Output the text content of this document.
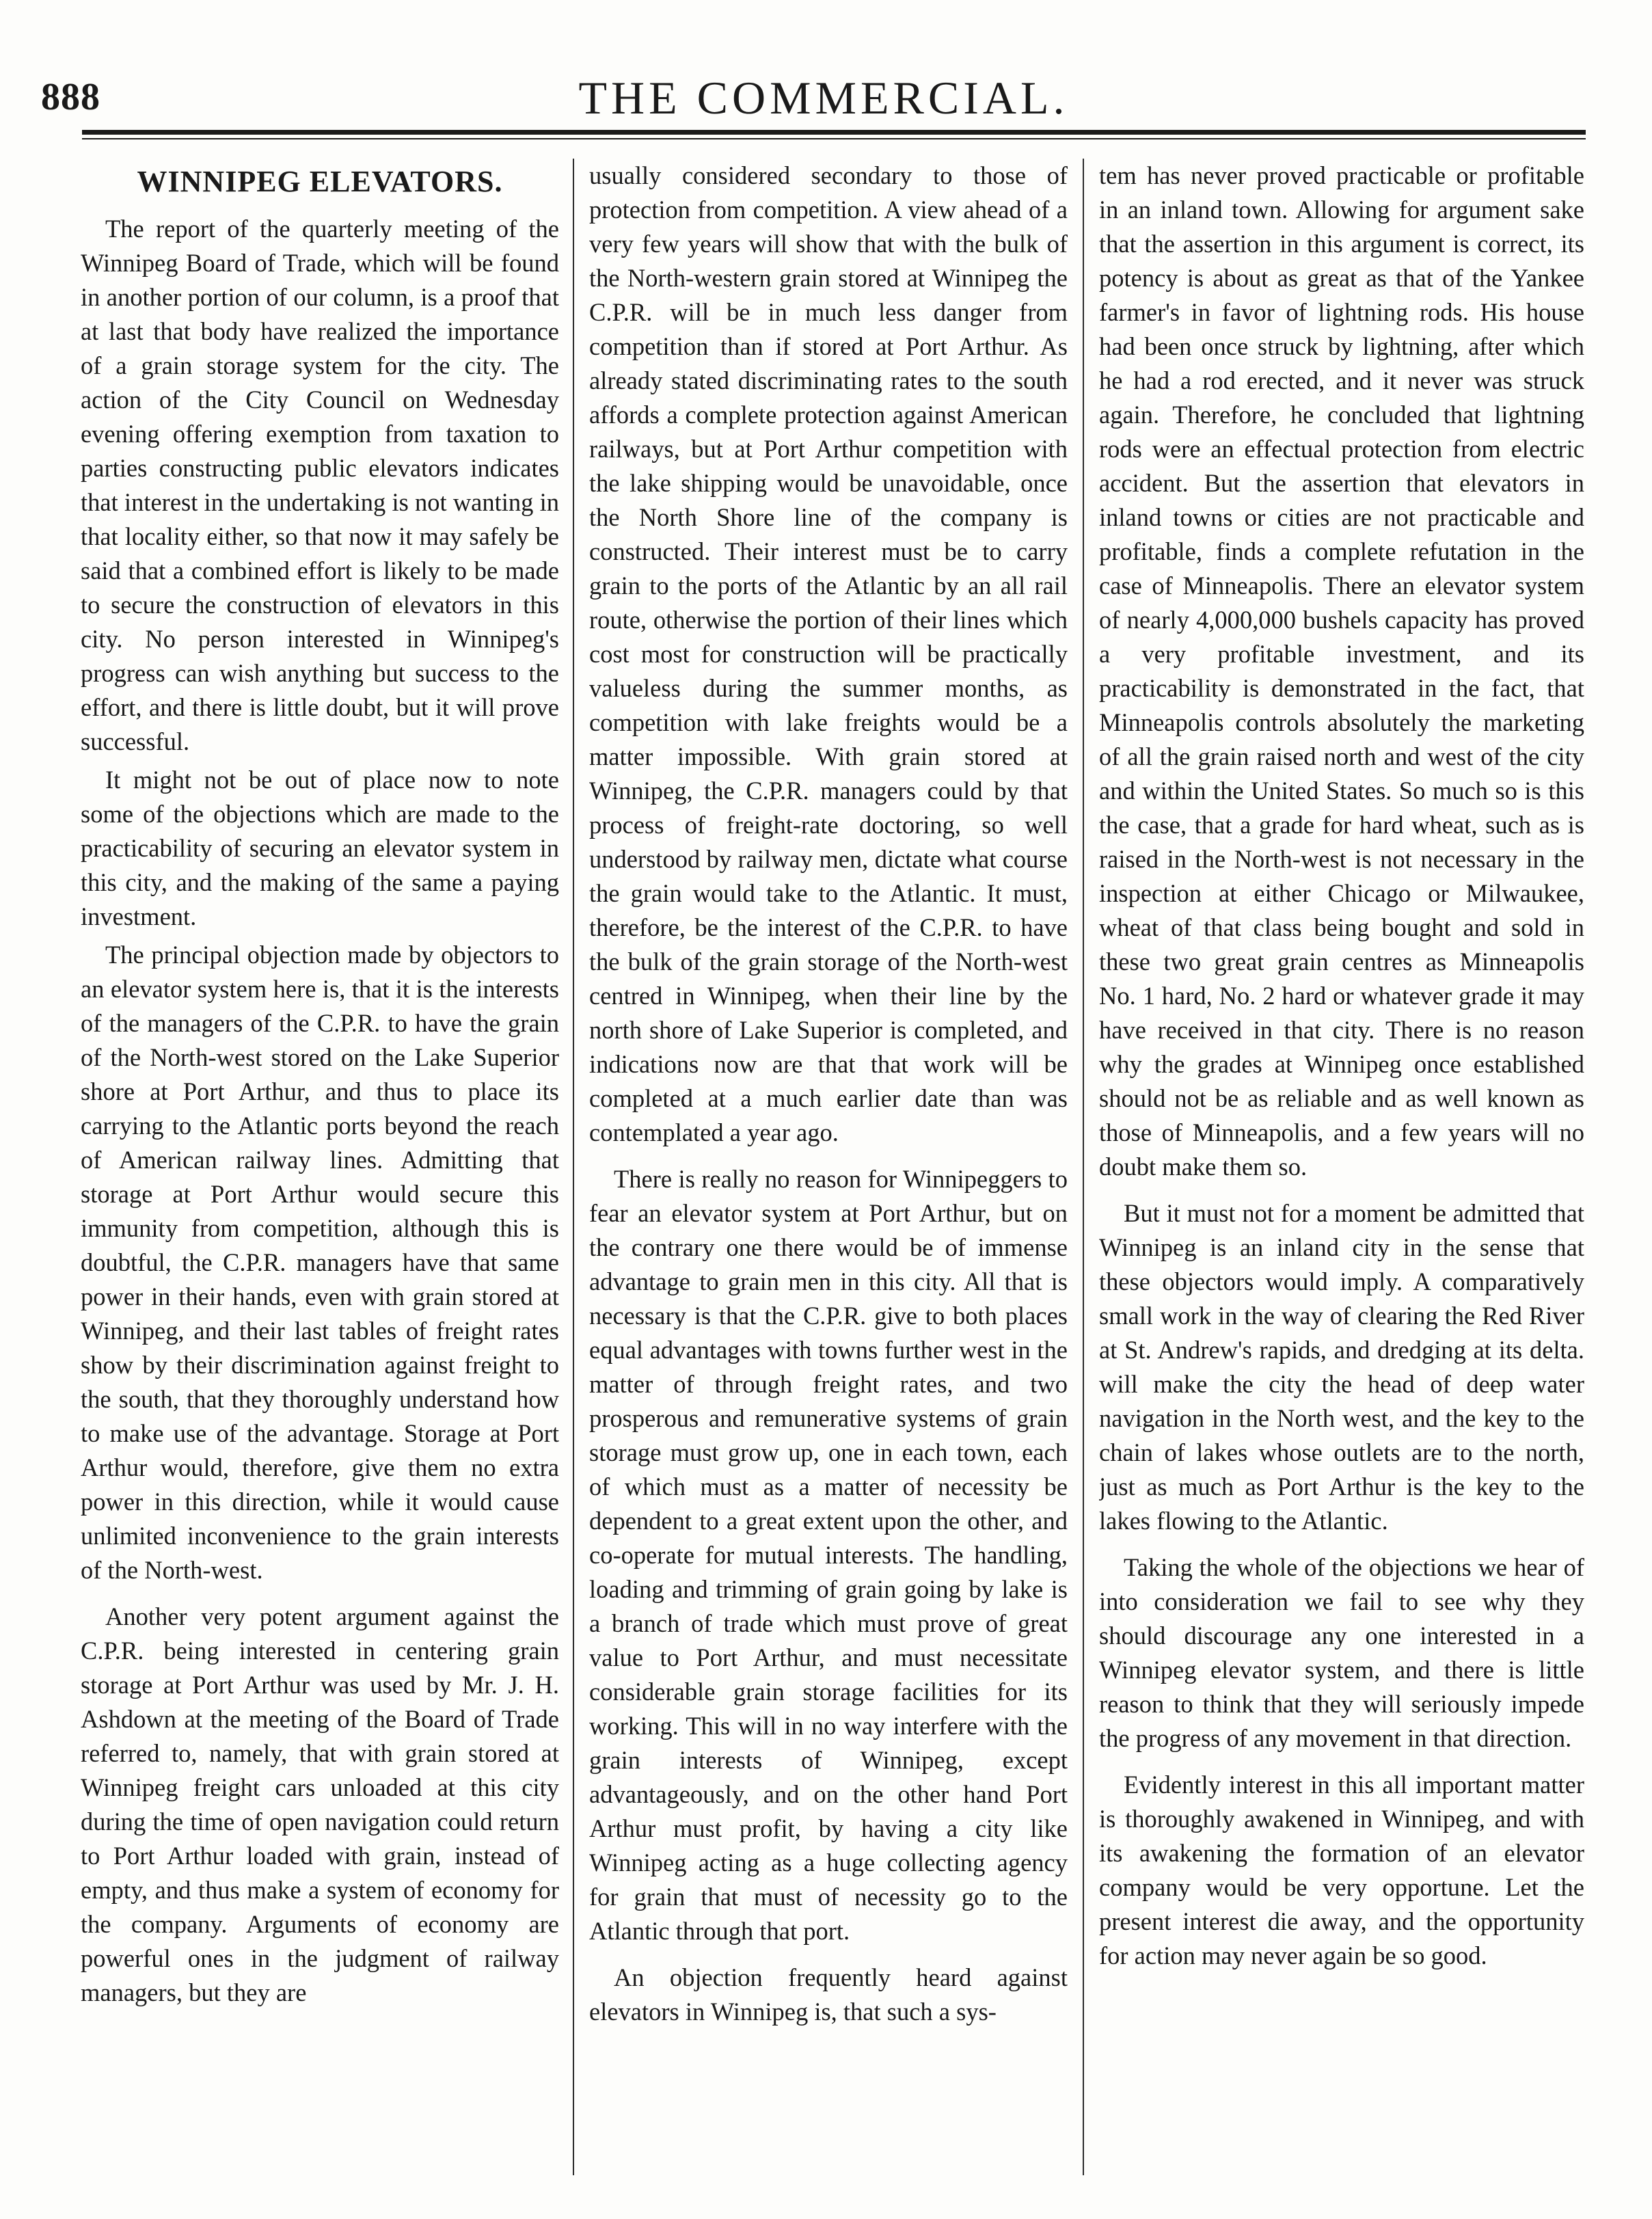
888	THE COMMERCIAL.
WINNIPEG ELEVATORS.

The report of the quarterly meeting of the Winnipeg Board of Trade, which will be found in another portion of our column, is a proof that at last that body have realized the importance of a grain storage system for the city. The action of the City Council on Wednesday evening offering exemption from taxation to parties constructing public elevators indicates that interest in the undertaking is not wanting in that locality either, so that now it may safely be said that a combined effort is likely to be made to secure the construction of elevators in this city. No person interested in Winnipeg's progress can wish anything but success to the effort, and there is little doubt, but it will prove successful.

It might not be out of place now to note some of the objections which are made to the practicability of securing an elevator system in this city, and the making of the same a paying investment.

The principal objection made by objectors to an elevator system here is, that it is the interests of the managers of the C.P.R. to have the grain of the North-west stored on the Lake Superior shore at Port Arthur, and thus to place its carrying to the Atlantic ports beyond the reach of American railway lines. Admitting that storage at Port Arthur would secure this immunity from competition, although this is doubtful, the C.P.R. managers have that same power in their hands, even with grain stored at Winnipeg, and their last tables of freight rates show by their discrimination against freight to the south, that they thoroughly understand how to make use of the advantage. Storage at Port Arthur would, therefore, give them no extra power in this direction, while it would cause unlimited inconvenience to the grain interests of the North-west.

Another very potent argument against the C.P.R. being interested in centering grain storage at Port Arthur was used by Mr. J. H. Ashdown at the meeting of the Board of Trade referred to, namely, that with grain stored at Winnipeg freight cars unloaded at this city during the time of open navigation could return to Port Arthur loaded with grain, instead of empty, and thus make a system of economy for the company. Arguments of economy are powerful ones in the judgment of railway managers, but they are

usually considered secondary to those of protection from competition. A view ahead of a very few years will show that with the bulk of the North-western grain stored at Winnipeg the C.P.R. will be in much less danger from competition than if stored at Port Arthur. As already stated discriminating rates to the south affords a complete protection against American railways, but at Port Arthur competition with the lake shipping would be unavoidable, once the North Shore line of the company is constructed. Their interest must be to carry grain to the ports of the Atlantic by an all rail route, otherwise the portion of their lines which cost most for construction will be practically valueless during the summer months, as competition with lake freights would be a matter impossible. With grain stored at Winnipeg, the C.P.R. managers could by that process of freight-rate doctoring, so well understood by railway men, dictate what course the grain would take to the Atlantic. It must, therefore, be the interest of the C.P.R. to have the bulk of the grain storage of the North-west centred in Winnipeg, when their line by the north shore of Lake Superior is completed, and indications now are that that work will be completed at a much earlier date than was contemplated a year ago.

There is really no reason for Winnipeggers to fear an elevator system at Port Arthur, but on the contrary one there would be of immense advantage to grain men in this city. All that is necessary is that the C.P.R. give to both places equal advantages with towns further west in the matter of through freight rates, and two prosperous and remunerative systems of grain storage must grow up, one in each town, each of which must as a matter of necessity be dependent to a great extent upon the other, and co-operate for mutual interests. The handling, loading and trimming of grain going by lake is a branch of trade which must prove of great value to Port Arthur, and must necessitate considerable grain storage facilities for its working. This will in no way interfere with the grain interests of Winnipeg, except advantageously, and on the other hand Port Arthur must profit, by having a city like Winnipeg acting as a huge collecting agency for grain that must of necessity go to the Atlantic through that port.

An objection frequently heard against elevators in Winnipeg is, that such a sys-

tem has never proved practicable or profitable in an inland town. Allowing for argument sake that the assertion in this argument is correct, its potency is about as great as that of the Yankee farmer's in favor of lightning rods. His house had been once struck by lightning, after which he had a rod erected, and it never was struck again. Therefore, he concluded that lightning rods were an effectual protection from electric accident. But the assertion that elevators in inland towns or cities are not practicable and profitable, finds a complete refutation in the case of Minneapolis. There an elevator system of nearly 4,000,000 bushels capacity has proved a very profitable investment, and its practicability is demonstrated in the fact, that Minneapolis controls absolutely the marketing of all the grain raised north and west of the city and within the United States. So much so is this the case, that a grade for hard wheat, such as is raised in the North-west is not necessary in the inspection at either Chicago or Milwaukee, wheat of that class being bought and sold in these two great grain centres as Minneapolis No. 1 hard, No. 2 hard or whatever grade it may have received in that city. There is no reason why the grades at Winnipeg once established should not be as reliable and as well known as those of Minneapolis, and a few years will no doubt make them so.

But it must not for a moment be admitted that Winnipeg is an inland city in the sense that these objectors would imply. A comparatively small work in the way of clearing the Red River at St. Andrew's rapids, and dredging at its delta. will make the city the head of deep water navigation in the North west, and the key to the chain of lakes whose outlets are to the north, just as much as Port Arthur is the key to the lakes flowing to the Atlantic.

Taking the whole of the objections we hear of into consideration we fail to see why they should discourage any one interested in a Winnipeg elevator system, and there is little reason to think that they will seriously impede the progress of any movement in that direction.

Evidently interest in this all important matter is thoroughly awakened in Winnipeg, and with its awakening the formation of an elevator company would be very opportune. Let the present interest die away, and the opportunity for action may never again be so good.
